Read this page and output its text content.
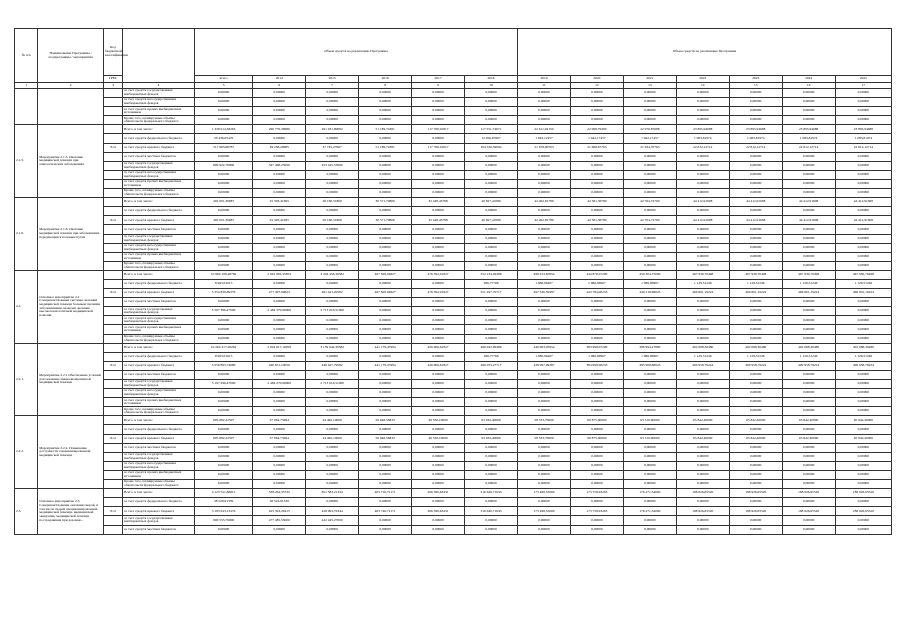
№ п/п	Наименование Программы - подпрограммы / мероприятия	Код бюджетной классификации		Объем средств на реализацию Программы						Объем средств на реализацию Программы						
		ГРБС		всего	2014	2015	2016	2017	2018	2019	2020	2021	2022	2023	2024	2025
1	2	3	4	5	6	7	8	9	10	11	12	13	14	15	16	17
			за счет средств государственных внебюджетных фондов	0,00000	0,00000	0,00000	0,00000	0,00000	0,00000	0,00000	0,00000	0,00000	0,00000	0,00000	0,00000	0,00000
			за счет средств негосударственных внебюджетных фондов	0,00000	0,00000	0,00000	0,00000	0,00000	0,00000	0,00000	0,00000	0,00000	0,00000	0,00000	0,00000	0,00000
			за счет средств прочих внебюджетных источников	0,00000	0,00000	0,00000	0,00000	0,00000	0,00000	0,00000	0,00000	0,00000	0,00000	0,00000	0,00000	0,00000
			Кроме того, планируемые объемы обязательств федерального бюджета	0,00000	0,00000	0,00000	0,00000	0,00000	0,00000	0,00000	0,00000	0,00000	0,00000	0,00000	0,00000	0,00000
2.1.5.	Мероприятие 2.1.5. Оказание медицинской помощи при онкологических заболеваниях		Всего, в том числе:	1 339 014,58263	290 776,39980	491 931,80082	51 189,74381	117 706,91817	117 551,74671	22 611,94150	22 998,79300	22 976,87688	23 895,94688	23 895,94688	23 895,94688	23 895,94688
			за счет средств федерального бюджета	20 436,05476	0,00000	0,00000	0,00000	0,00000	12 956,07667	1 042,12457	1 042,17457	1 042,17457	1 083,81974	1 083,81974	1 083,81974	1 083,81974
		814	за счет средств краевого бюджета	517 663,88787	49 258,26985	37 745,27607	51 189,74381	117 706,91817	104 556,59094	21 679,80703	21 668,67763	21 934,70763	22 812,12714	22 812,12714	22 812,12714	22 812,12714
			за счет средств местных бюджетов	0,00000	0,00000	0,00000	0,00000	0,00000	0,00000	0,00000	0,00000	0,00000	0,00000	0,00000	0,00000	0,00000
			за счет средств государственных внебюджетных фондов	800 922,76000	347 468,23000	453 445,53000	0,00000	0,00000	0,00000	0,00000	0,00000	0,00000	0,00000	0,00000	0,00000	0,00000
			за счет средств негосударственных внебюджетных фондов	0,00000	0,00000	0,00000	0,00000	0,00000	0,00000	0,00000	0,00000	0,00000	0,00000	0,00000	0,00000	0,00000
			за счет средств прочих внебюджетных источников	0,00000	0,00000	0,00000	0,00000	0,00000	0,00000	0,00000	0,00000	0,00000	0,00000	0,00000	0,00000	0,00000
			Кроме того, планируемые объемы обязательств федерального бюджета	0,00000	0,00000	0,00000	0,00000	0,00000	0,00000	0,00000	0,00000	0,00000	0,00000	0,00000	0,00000	0,00000
2.1.6.	Мероприятие 2.1.6. Оказание медицинской помощи при заболеваниях, передающихся половым путем		Всего, в том числе:	402 001,36687	25 303,41695	28 160,51800	30 571,70800	32 448,43788	40 827,41086	42 462,81780	42 581,36780	42 704,72700	44 412,91608	44 412,91608	44 412,91608	44 412,91608
			за счет средств федерального бюджета	0,00000	0,00000	0,00000	0,00000	0,00000	0,00000	0,00000	0,00000	0,00000	0,00000	0,00000	0,00000	0,00000
		814	за счет средств краевого бюджета	402 001,36687	25 303,41695	28 160,51800	30 571,70800	32 448,43788	40 827,41086	42 462,81780	42 581,36780	42 704,72700	44 412,91608	44 412,91608	44 412,91608	44 412,91608
			за счет средств местных бюджетов	0,00000	0,00000	0,00000	0,00000	0,00000	0,00000	0,00000	0,00000	0,00000	0,00000	0,00000	0,00000	0,00000
			за счет средств государственных внебюджетных фондов	0,00000	0,00000	0,00000	0,00000	0,00000	0,00000	0,00000	0,00000	0,00000	0,00000	0,00000	0,00000	0,00000
			за счет средств негосударственных внебюджетных фондов	0,00000	0,00000	0,00000	0,00000	0,00000	0,00000	0,00000	0,00000	0,00000	0,00000	0,00000	0,00000	0,00000
			за счет средств прочих внебюджетных источников	0,00000	0,00000	0,00000	0,00000	0,00000	0,00000	0,00000	0,00000	0,00000	0,00000	0,00000	0,00000	0,00000
			Кроме того, планируемые объемы обязательств федерального бюджета	0,00000	0,00000	0,00000	0,00000	0,00000	0,00000	0,00000	0,00000	0,00000	0,00000	0,00000	0,00000	0,00000
2.2.	Основное мероприятие 2.2 Совершенствование системы оказания медицинской помощи больным прочими заболеваниями, включая оказание высокотехнологичной медицинской помощи		Всего, в том числе:	10 960 199,48769	2 961 981,35853	3 204 456,30582	497 828,04827	476 392,91827	552 234,49486	498 613,65854	444 870,07200	450 304,75090	467 930,70498	467 930,70498	467 930,70498	467 930,70498
			за счет средств федерального бюджета	8 963,01615	0,00000	0,00000	0,00000	0,00000	286,77768	1 086,06467	1 086,06967	1 086,06967	1 129,51246	1 129,51246	1 129,51246	1 129,51246
		814	за счет средств краевого бюджета	5 354 839,89376	477 397,99823	491 441,20582	497 828,04827	476 392,91827	551 947,70717	497 536,59387	443 784,00233	449 218,68023	466 801,19224	466 801,19224	466 801,19224	466 801,19224
			за счет средств местных бюджетов	0,00000	0,00000	0,00000	0,00000	0,00000	0,00000	0,00000	0,00000	0,00000	0,00000	0,00000	0,00000	0,00000
			за счет средств государственных внебюджетных фондов	5 597 396,47000	2 484 370,96000	2 713 016,51000	0,00000	0,00000	0,00000	0,00000	0,00000	0,00000	0,00000	0,00000	0,00000	0,00000
			за счет средств негосударственных внебюджетных фондов	0,00000	0,00000	0,00000	0,00000	0,00000	0,00000	0,00000	0,00000	0,00000	0,00000	0,00000	0,00000	0,00000
			за счет средств прочих внебюджетных источников	0,00000	0,00000	0,00000	0,00000	0,00000	0,00000	0,00000	0,00000	0,00000	0,00000	0,00000	0,00000	0,00000
			Кроме того, планируемые объемы обязательств федерального бюджета	0,00000	0,00000	0,00000	0,00000	0,00000	0,00000	0,00000	0,00000	0,00000	0,00000	0,00000	0,00000	0,00000
2.2.1.	Мероприятие 2.2.1 Обеспечение условий для оказания специализированной медицинской помощи		Всего, в том числе:	10 264 317,26262	2 924 917,10059	3 159 944,30582	441 179,47994	426 606,61827	490 042,09486	440 083,05854	383 998,07200	386 994,27800	402 088,30480	402 088,30480	402 088,30480	402 088,30480
			за счет средств федерального бюджета	8 963,01615	0,00000	0,00000	0,00000	0,00000	286,77768	1 086,06467	1 086,06967	1 086,06967	1 129,51246	1 129,51246	1 129,51246	1 129,51246
		814	за счет средств краевого бюджета	5 059 893,74680	440 651,10059	446 927,79582	441 179,47994	426 606,61827	490 055,27717	438 997,99387	384 999,00233	385 908,68023	400 958,79224	400 958,79224	400 958,79224	400 958,79224
			за счет средств местных бюджетов	0,00000	0,00000	0,00000	0,00000	0,00000	0,00000	0,00000	0,00000	0,00000	0,00000	0,00000	0,00000	0,00000
			за счет средств государственных внебюджетных фондов	5 197 296,47000	2 484 270,96000	2 713 016,51000	0,00000	0,00000	0,00000	0,00000	0,00000	0,00000	0,00000	0,00000	0,00000	0,00000
			за счет средств негосударственных внебюджетных фондов	0,00000	0,00000	0,00000	0,00000	0,00000	0,00000	0,00000	0,00000	0,00000	0,00000	0,00000	0,00000	0,00000
			за счет средств прочих внебюджетных источников	0,00000	0,00000	0,00000	0,00000	0,00000	0,00000	0,00000	0,00000	0,00000	0,00000	0,00000	0,00000	0,00000
			Кроме того, планируемые объемы обязательств федерального бюджета	0,00000	0,00000	0,00000	0,00000	0,00000	0,00000	0,00000	0,00000	0,00000	0,00000	0,00000	0,00000	0,00000
2.2.2.	Мероприятие 2.2.2. Повышение доступности специализированной медицинской помощи		Всего, в том числе:	695 882,22507	37 064,75694	44 492,10000	56 648,56833	49 556,10000	63 032,40000	58 533,70000	60 875,00000	63 310,00000	65 842,40000	65 842,40000	65 842,40000	65 842,40000
			за счет средств федерального бюджета	0,00000	0,00000	0,00000	0,00000	0,00000	0,00000	0,00000	0,00000	0,00000	0,00000	0,00000	0,00000	0,00000
		814	за счет средств краевого бюджета	695 882,22507	37 064,75694	44 492,10000	56 648,56833	49 556,10000	63 032,40000	58 533,70000	60 875,00000	63 310,00000	65 842,40000	65 842,40000	65 842,40000	65 842,40000
			за счет средств местных бюджетов	0,00000	0,00000	0,00000	0,00000	0,00000	0,00000	0,00000	0,00000	0,00000	0,00000	0,00000	0,00000	0,00000
			за счет средств государственных внебюджетных фондов	0,00000	0,00000	0,00000	0,00000	0,00000	0,00000	0,00000	0,00000	0,00000	0,00000	0,00000	0,00000	0,00000
			за счет средств негосударственных внебюджетных фондов	0,00000	0,00000	0,00000	0,00000	0,00000	0,00000	0,00000	0,00000	0,00000	0,00000	0,00000	0,00000	0,00000
			за счет средств прочих внебюджетных источников	0,00000	0,00000	0,00000	0,00000	0,00000	0,00000	0,00000	0,00000	0,00000	0,00000	0,00000	0,00000	0,00000
			Кроме того, планируемые объемы обязательств федерального бюджета	0,00000	0,00000	0,00000	0,00000	0,00000	0,00000	0,00000	0,00000	0,00000	0,00000	0,00000	0,00000	0,00000
2.3.	Основное мероприятие 2.3. Совершенствование оказания скорой, в том числе скорой специализированной, медицинской помощи, медицинской эвакуации, медицинской помощи пострадавшим при дорожно-		Всего, в том числе:	4 123 721,86815	538 264,35735	851 583,21344	403 716,72171	266 390,63431	316 640,71643	173 498,55000	173 758,93293	176 271,34000	188 826,65520	188 926,65520	188 926,65520	188 926,65520
			за счет средств федерального бюджета	38 520,91339	38 522,91339	0,00000	0,00000	0,00000	0,00000	0,00000	0,00000	0,00000	0,00000	0,00000	0,00000	0,00000
		814	за счет средств краевого бюджета	3 185 043,13476	425 593,29415	428 093,70344	403 746,72171	266 390,63431	316 640,71643	173 498,55000	173 758,93293	176 271,34000	188 926,65520	188 926,65520	188 926,65520	188 926,65520
			за счет средств государственных внебюджетных фондов	900 553,79000	477 485,53000	422 445,27000	0,00000	0,00000	0,00000	0,00000	0,00000	0,00000	0,00000	0,00000	0,00000	0,00000
			за счет средств местных бюджетов	0,00000	0,00000	0,00000	0,00000	0,00000	0,00000	0,00000	0,00000	0,00000	0,00000	0,00000	0,00000	0,00000
